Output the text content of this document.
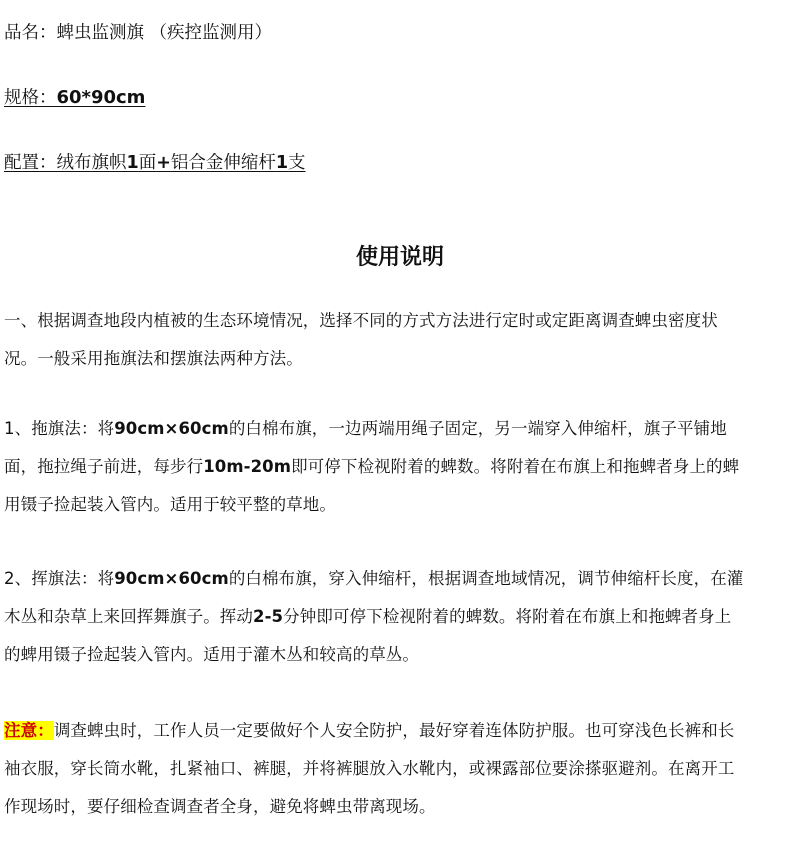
品名：蜱虫监测旗 （疾控监测用）
规格：60*90cm
配置：绒布旗帜1面+铝合金伸缩杆1支
使用说明
一、根据调查地段内植被的生态环境情况，选择不同的方式方法进行定时或定距离调查蜱虫密度状
况。一般采用拖旗法和摆旗法两种方法。
1、拖旗法：将90cm×60cm的白棉布旗，一边两端用绳子固定，另一端穿入伸缩杆，旗子平铺地
面，拖拉绳子前进，每步行10m-20m即可停下检视附着的蜱数。将附着在布旗上和拖蜱者身上的蜱
用镊子捡起装入管内。适用于较平整的草地。
2、挥旗法：将90cm×60cm的白棉布旗，穿入伸缩杆，根据调查地域情况，调节伸缩杆长度，在灌
木丛和杂草上来回挥舞旗子。挥动2-5分钟即可停下检视附着的蜱数。将附着在布旗上和拖蜱者身上
的蜱用镊子捡起装入管内。适用于灌木丛和较高的草丛。
注意：调查蜱虫时，工作人员一定要做好个人安全防护，最好穿着连体防护服。也可穿浅色长裤和长
袖衣服，穿长筒水靴，扎紧袖口、裤腿，并将裤腿放入水靴内，或裸露部位要涂搽驱避剂。在离开工
作现场时，要仔细检查调查者全身，避免将蜱虫带离现场。
